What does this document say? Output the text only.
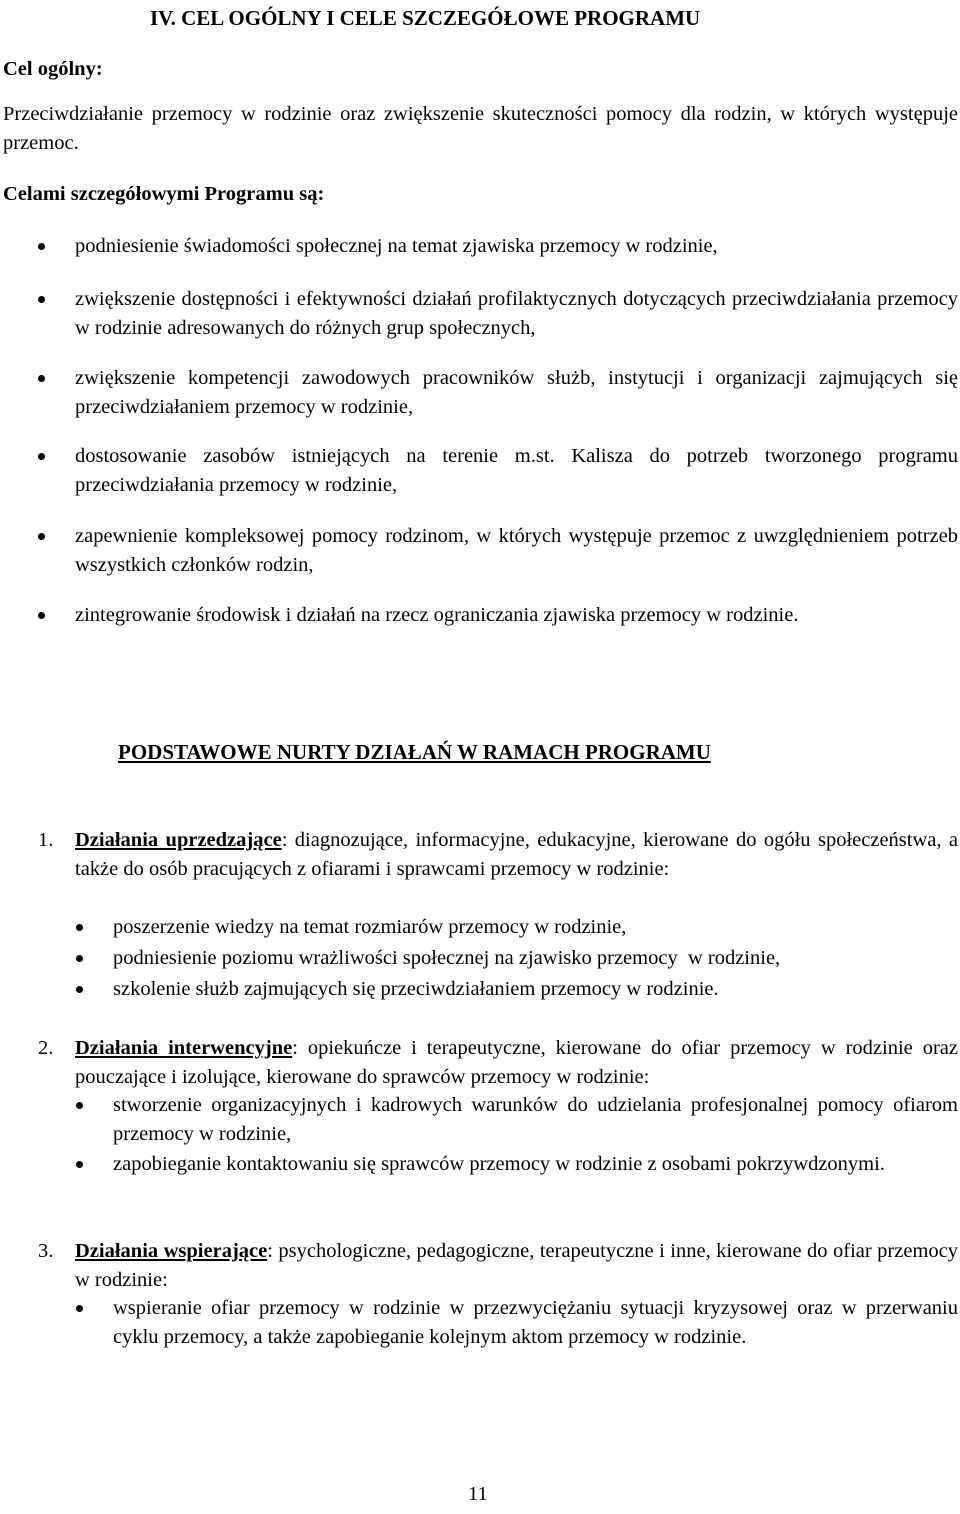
IV. CEL OGÓLNY I CELE SZCZEGÓŁOWE PROGRAMU
Cel ogólny:

Przeciwdziałanie przemocy w rodzinie oraz zwiększenie skuteczności pomocy dla rodzin, w których występuje przemoc.

Celami szczegółowymi Programu są:

podniesienie świadomości społecznej na temat zjawiska przemocy w rodzinie,

zwiększenie dostępności i efektywności działań profilaktycznych dotyczących przeciwdziałania przemocy w rodzinie adresowanych do różnych grup społecznych,

zwiększenie kompetencji zawodowych pracowników służb, instytucji i organizacji zajmujących się przeciwdziałaniem przemocy w rodzinie,

dostosowanie zasobów istniejących na terenie m.st. Kalisza do potrzeb tworzonego programu przeciwdziałania przemocy w rodzinie,

zapewnienie kompleksowej pomocy rodzinom, w których występuje przemoc z uwzględnieniem potrzeb wszystkich członków rodzin,

zintegrowanie środowisk i działań na rzecz ograniczania zjawiska przemocy w rodzinie.

PODSTAWOWE NURTY DZIAŁAŃ W RAMACH PROGRAMU
1. Działania uprzedzające: diagnozujące, informacyjne, edukacyjne, kierowane do ogółu społeczeństwa, a także do osób pracujących z ofiarami i sprawcami przemocy w rodzinie:

poszerzenie wiedzy na temat rozmiarów przemocy w rodzinie,

podniesienie poziomu wrażliwości społecznej na zjawisko przemocy  w rodzinie,

szkolenie służb zajmujących się przeciwdziałaniem przemocy w rodzinie.

2. Działania interwencyjne: opiekuńcze i terapeutyczne, kierowane do ofiar przemocy w rodzinie oraz pouczające i izolujące, kierowane do sprawców przemocy w rodzinie:

stworzenie organizacyjnych i kadrowych warunków do udzielania profesjonalnej pomocy ofiarom przemocy w rodzinie,

zapobieganie kontaktowaniu się sprawców przemocy w rodzinie z osobami pokrzywdzonymi.

3. Działania wspierające: psychologiczne, pedagogiczne, terapeutyczne i inne, kierowane do ofiar przemocy w rodzinie:

wspieranie ofiar przemocy w rodzinie w przezwyciężaniu sytuacji kryzysowej oraz w przerwaniu cyklu przemocy, a także zapobieganie kolejnym aktom przemocy w rodzinie.

11
